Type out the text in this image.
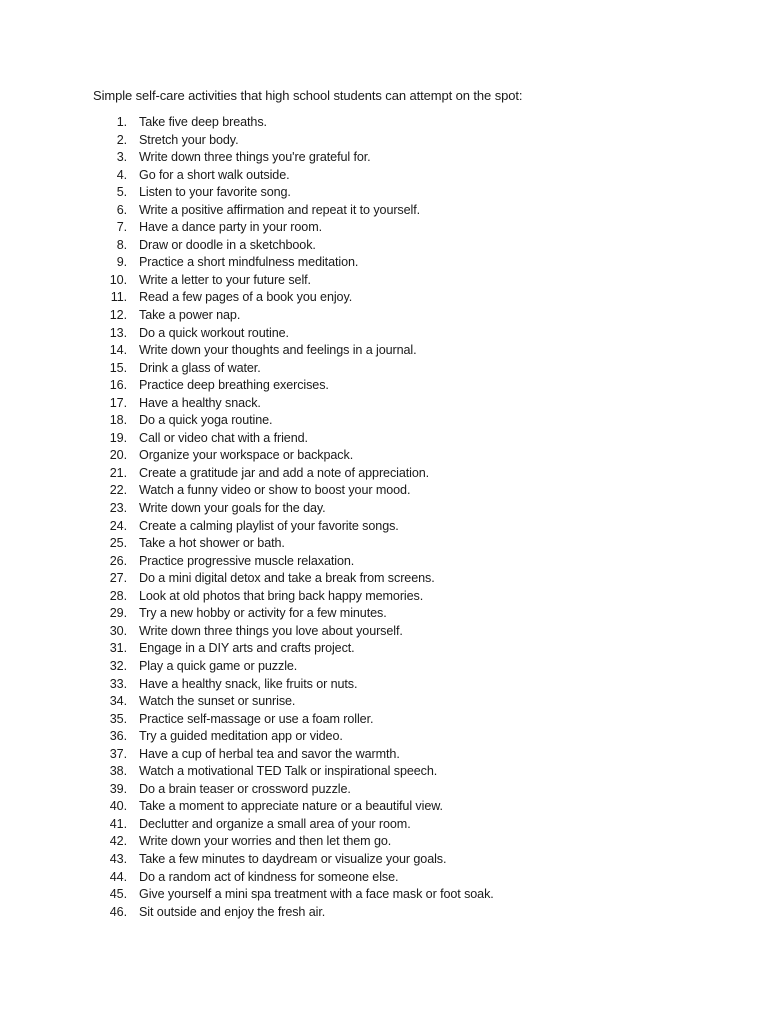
Simple self-care activities that high school students can attempt on the spot:
1. Take five deep breaths.
2. Stretch your body.
3. Write down three things you're grateful for.
4. Go for a short walk outside.
5. Listen to your favorite song.
6. Write a positive affirmation and repeat it to yourself.
7. Have a dance party in your room.
8. Draw or doodle in a sketchbook.
9. Practice a short mindfulness meditation.
10. Write a letter to your future self.
11. Read a few pages of a book you enjoy.
12. Take a power nap.
13. Do a quick workout routine.
14. Write down your thoughts and feelings in a journal.
15. Drink a glass of water.
16. Practice deep breathing exercises.
17. Have a healthy snack.
18. Do a quick yoga routine.
19. Call or video chat with a friend.
20. Organize your workspace or backpack.
21. Create a gratitude jar and add a note of appreciation.
22. Watch a funny video or show to boost your mood.
23. Write down your goals for the day.
24. Create a calming playlist of your favorite songs.
25. Take a hot shower or bath.
26. Practice progressive muscle relaxation.
27. Do a mini digital detox and take a break from screens.
28. Look at old photos that bring back happy memories.
29. Try a new hobby or activity for a few minutes.
30. Write down three things you love about yourself.
31. Engage in a DIY arts and crafts project.
32. Play a quick game or puzzle.
33. Have a healthy snack, like fruits or nuts.
34. Watch the sunset or sunrise.
35. Practice self-massage or use a foam roller.
36. Try a guided meditation app or video.
37. Have a cup of herbal tea and savor the warmth.
38. Watch a motivational TED Talk or inspirational speech.
39. Do a brain teaser or crossword puzzle.
40. Take a moment to appreciate nature or a beautiful view.
41. Declutter and organize a small area of your room.
42. Write down your worries and then let them go.
43. Take a few minutes to daydream or visualize your goals.
44. Do a random act of kindness for someone else.
45. Give yourself a mini spa treatment with a face mask or foot soak.
46. Sit outside and enjoy the fresh air.
